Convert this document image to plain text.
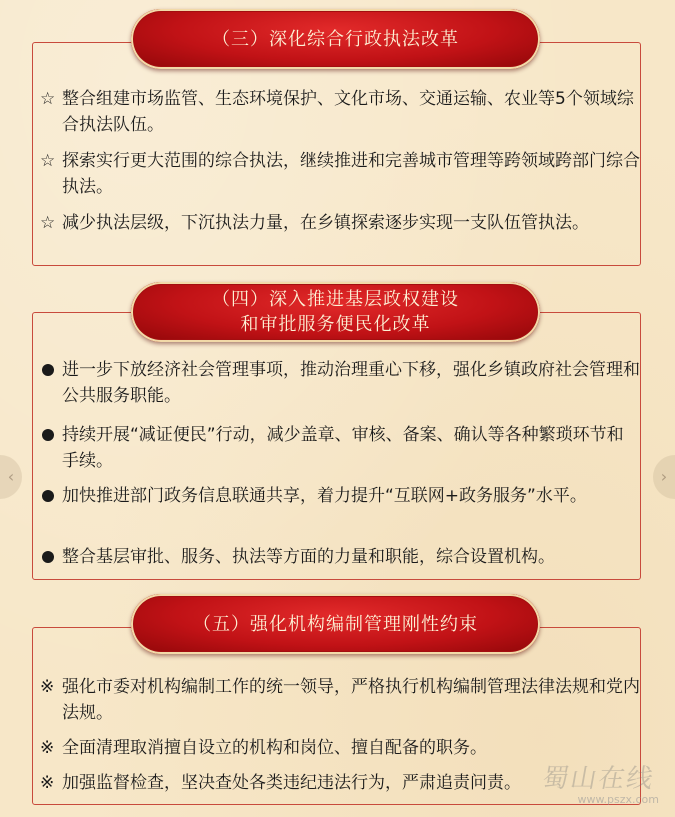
（三）深化综合行政执法改革
☆ 整合组建市场监管、生态环境保护、文化市场、交通运输、农业等5个领域综合执法队伍。
☆ 探索实行更大范围的综合执法，继续推进和完善城市管理等跨领域跨部门综合执法。
☆ 减少执法层级，下沉执法力量，在乡镇探索逐步实现一支队伍管执法。
（四）深入推进基层政权建设
和审批服务便民化改革
进一步下放经济社会管理事项，推动治理重心下移，强化乡镇政府社会管理和公共服务职能。
持续开展“减证便民”行动，减少盖章、审核、备案、确认等各种繁琐环节和手续。
加快推进部门政务信息联通共享，着力提升“互联网+政务服务”水平。
整合基层审批、服务、执法等方面的力量和职能，综合设置机构。
（五）强化机构编制管理刚性约束
※ 强化市委对机构编制工作的统一领导，严格执行机构编制管理法律法规和党内法规。
※ 全面清理取消擅自设立的机构和岗位、擅自配备的职务。
※ 加强监督检查，坚决查处各类违纪违法行为，严肃追责问责。
‹	›
蜀山在线
www.pszx.com
